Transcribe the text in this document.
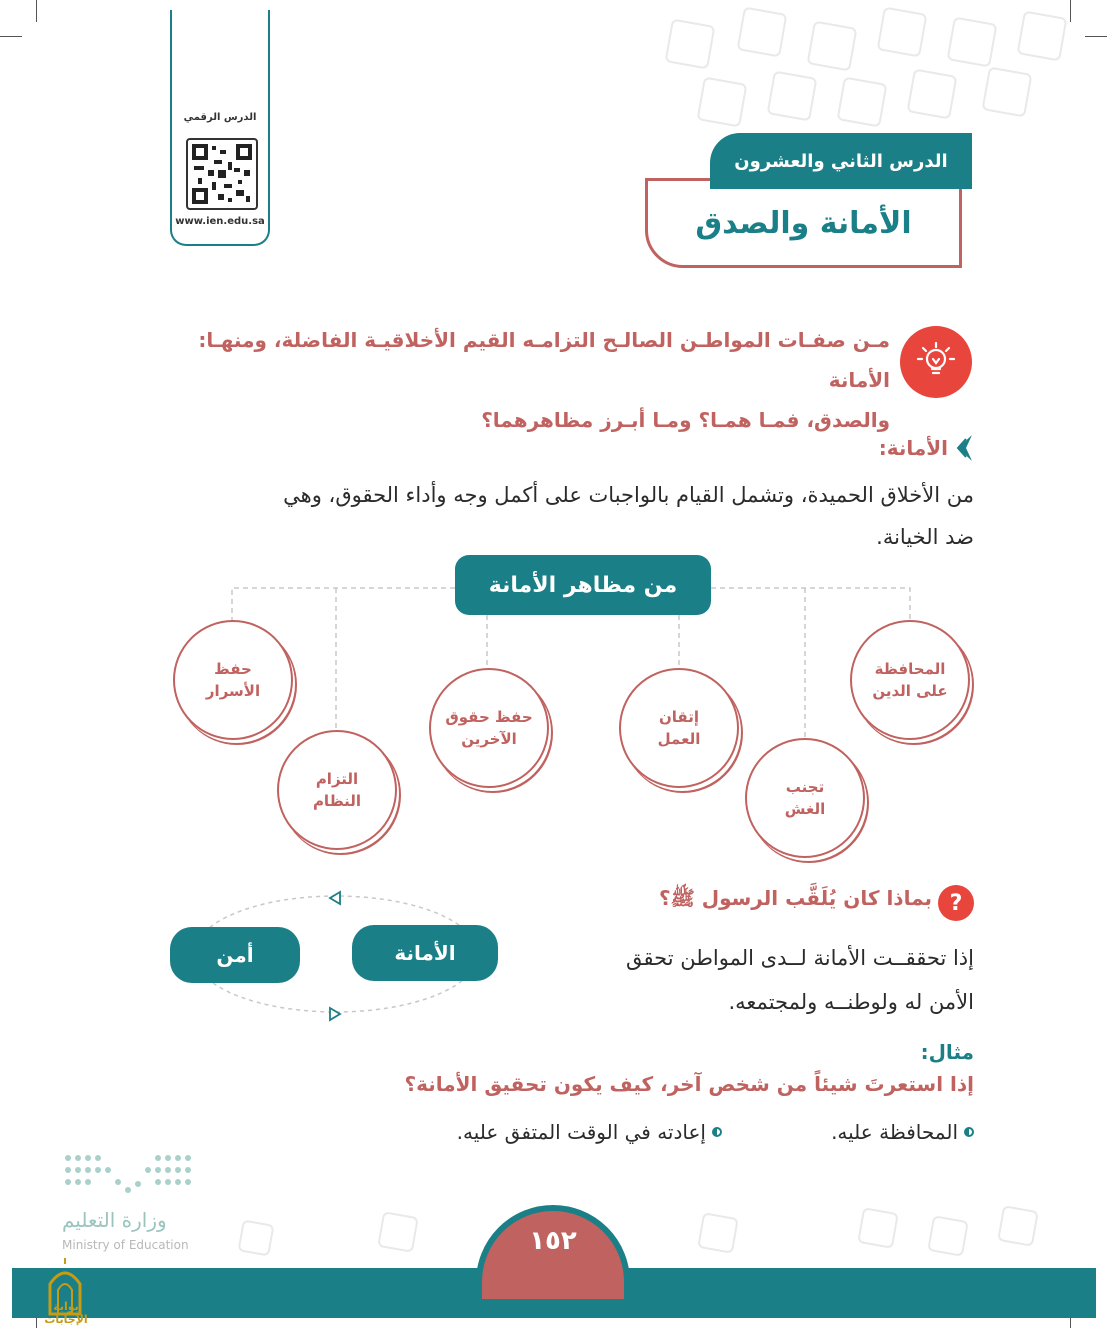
الدرس الرقمي
www.ien.edu.sa	الأمانة والصدق
الدرس الثاني والعشرون
مـن صفـات المواطـن الصالـح التزامـه القيم الأخلاقيـة الفاضلة، ومنهـا: الأمانة
والصدق، فمـا همـا؟ ومـا أبـرز مظاهرهما؟
الأمانة:
من الأخلاق الحميدة، وتشمل القيام بالواجبات على أكمل وجه وأداء الحقوق، وهي
ضد الخيانة.
من مظاهر الأمانة
المحافظة
على الدين
تجنب
الغش
إتقان
العمل
حفظ حقوق
الآخرين
التزام
النظام
حفظ
الأسرار
?
بماذا كان يُلَقَّب الرسول ﷺ؟
إذا تحققــت الأمانة لــدى المواطن تحقق
الأمن له ولوطنــه ولمجتمعه.
أمن	الأمانة
مثال:
إذا استعرتَ شيئاً من شخص آخر، كيف يكون تحقيق الأمانة؟
المحافظة عليه.
إعادته في الوقت المتفق عليه.
وزارة التعليم
Ministry of Education	١٥٢
بوابة الإجابات
